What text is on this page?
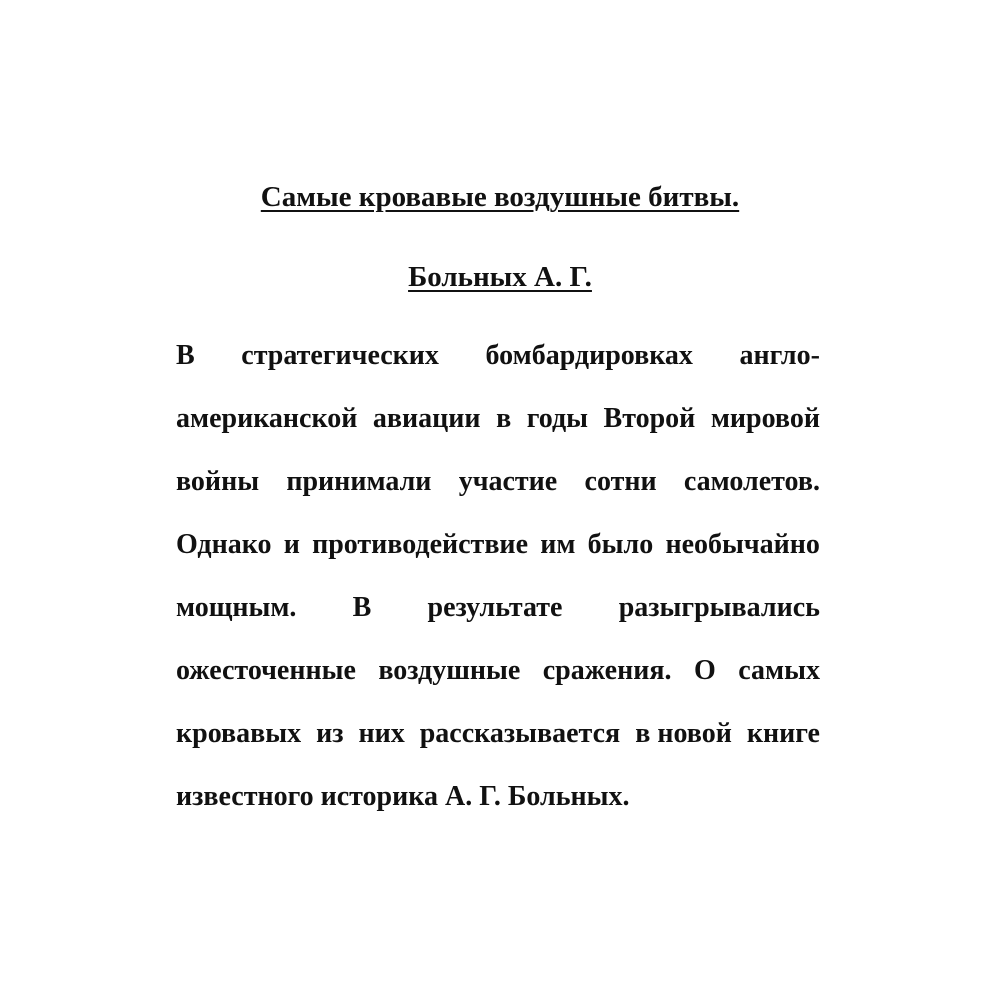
Самые кровавые воздушные битвы.
Больных А. Г.
В стратегических бомбардировках англо-
американской авиации в годы Второй мировой
войны принимали участие сотни самолетов.
Однако и противодействие им было необычайно
мощным. В результате разыгрывались
ожесточенные воздушные сражения. О самых
кровавых из них рассказывается в новой книге
известного историка А. Г. Больных.
